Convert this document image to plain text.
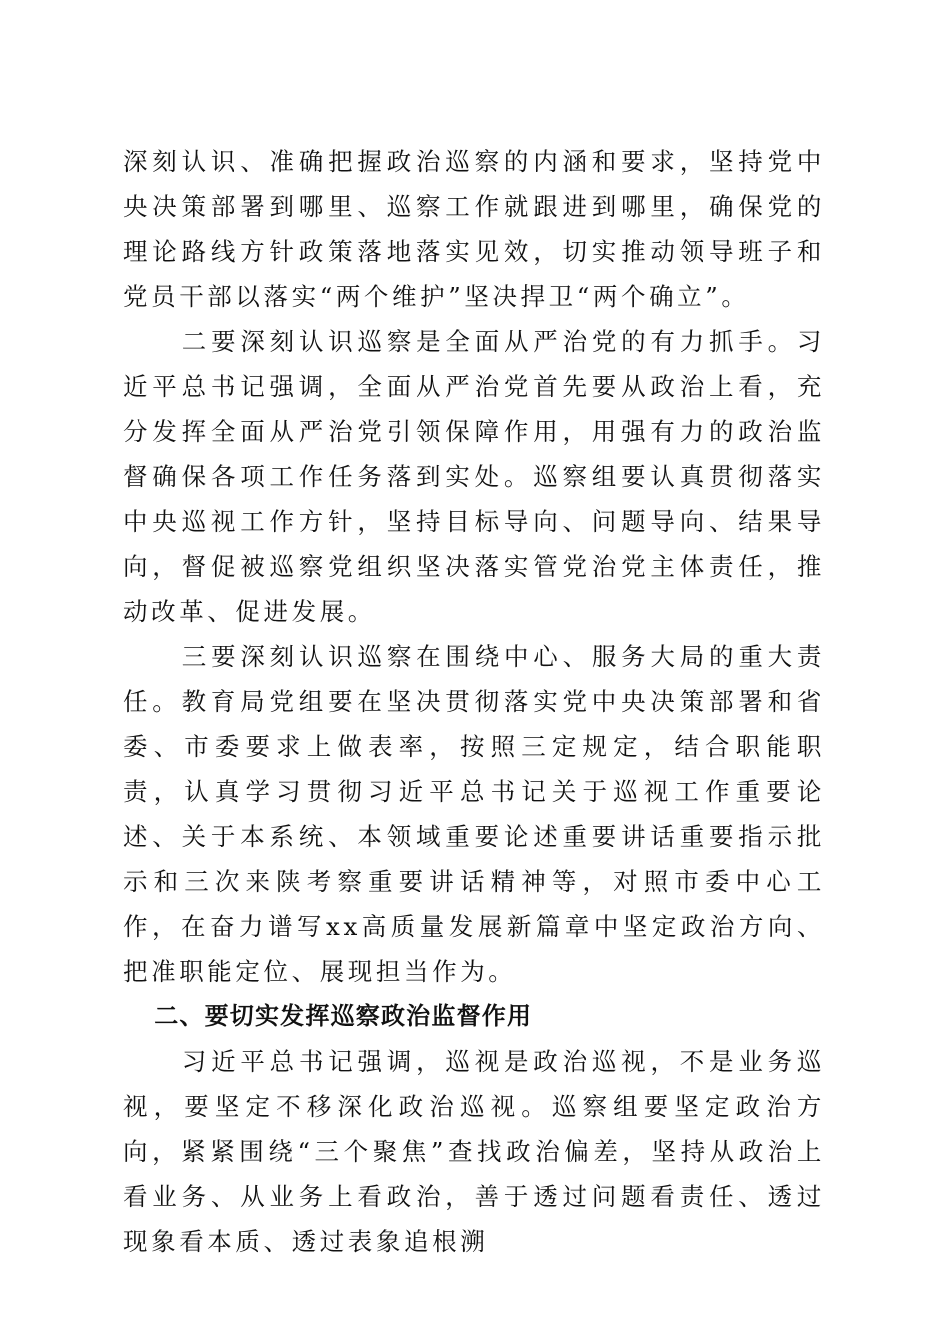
深刻认识、准确把握政治巡察的内涵和要求，坚持党中央决策部署到哪里、巡察工作就跟进到哪里，确保党的理论路线方针政策落地落实见效，切实推动领导班子和党员干部以落实“两个维护”坚决捍卫“两个确立”。

二要深刻认识巡察是全面从严治党的有力抓手。习近平总书记强调，全面从严治党首先要从政治上看，充分发挥全面从严治党引领保障作用，用强有力的政治监督确保各项工作任务落到实处。巡察组要认真贯彻落实中央巡视工作方针，坚持目标导向、问题导向、结果导向，督促被巡察党组织坚决落实管党治党主体责任，推动改革、促进发展。

三要深刻认识巡察在围绕中心、服务大局的重大责任。教育局党组要在坚决贯彻落实党中央决策部署和省委、市委要求上做表率，按照三定规定，结合职能职责，认真学习贯彻习近平总书记关于巡视工作重要论述、关于本系统、本领域重要论述重要讲话重要指示批示和三次来陕考察重要讲话精神等，对照市委中心工作，在奋力谱写xx高质量发展新篇章中坚定政治方向、把准职能定位、展现担当作为。

二、要切实发挥巡察政治监督作用

习近平总书记强调，巡视是政治巡视，不是业务巡视，要坚定不移深化政治巡视。巡察组要坚定政治方向，紧紧围绕“三个聚焦”查找政治偏差，坚持从政治上看业务、从业务上看政治，善于透过问题看责任、透过现象看本质、透过表象追根溯
